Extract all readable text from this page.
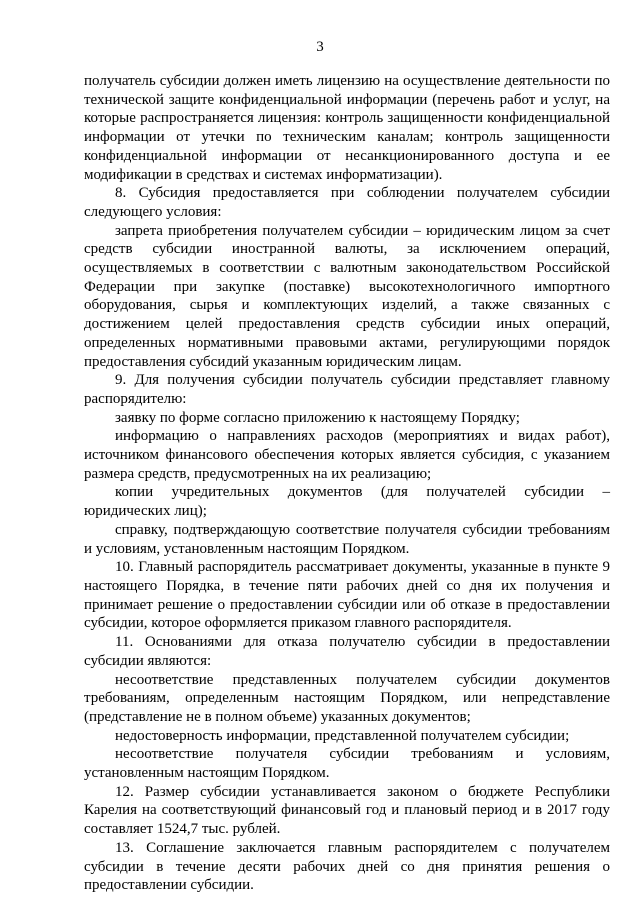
3

получатель субсидии должен иметь лицензию на осуществление деятельности по технической защите конфиденциальной информации (перечень работ и услуг, на которые распространяется лицензия: контроль защищенности конфиденциальной информации от утечки по техническим каналам; контроль защищенности конфиденциальной информации от несанкционированного доступа и ее модификации в средствах и системах информатизации).

8. Субсидия предоставляется при соблюдении получателем субсидии следующего условия:

запрета приобретения получателем субсидии – юридическим лицом за счет средств субсидии иностранной валюты, за исключением операций, осуществляемых в соответствии с валютным законодательством Российской Федерации при закупке (поставке) высокотехнологичного импортного оборудования, сырья и комплектующих изделий, а также связанных с достижением целей предоставления средств субсидии иных операций, определенных нормативными правовыми актами, регулирующими порядок предоставления субсидий указанным юридическим лицам.

9. Для получения субсидии получатель субсидии представляет главному распорядителю:

заявку по форме согласно приложению к настоящему Порядку;

информацию о направлениях расходов (мероприятиях и видах работ), источником финансового обеспечения которых является субсидия, с указанием размера средств, предусмотренных на их реализацию;

копии учредительных документов (для получателей субсидии – юридических лиц);

справку, подтверждающую соответствие получателя субсидии требованиям и условиям, установленным настоящим Порядком.

10. Главный распорядитель рассматривает документы, указанные в пункте 9 настоящего Порядка, в течение пяти рабочих дней со дня их получения и принимает решение о предоставлении субсидии или об отказе в предоставлении субсидии, которое оформляется приказом главного распорядителя.

11. Основаниями для отказа получателю субсидии в предоставлении субсидии являются:

несоответствие представленных получателем субсидии документов требованиям, определенным настоящим Порядком, или непредставление (представление не в полном объеме) указанных документов;

недостоверность информации, представленной получателем субсидии;

несоответствие получателя субсидии требованиям и условиям, установленным настоящим Порядком.

12. Размер субсидии устанавливается законом о бюджете Республики Карелия на соответствующий финансовый год и плановый период и в 2017 году составляет 1524,7 тыс. рублей.

13. Соглашение заключается главным распорядителем с получателем субсидии в течение десяти рабочих дней со дня принятия решения о предоставлении субсидии.
